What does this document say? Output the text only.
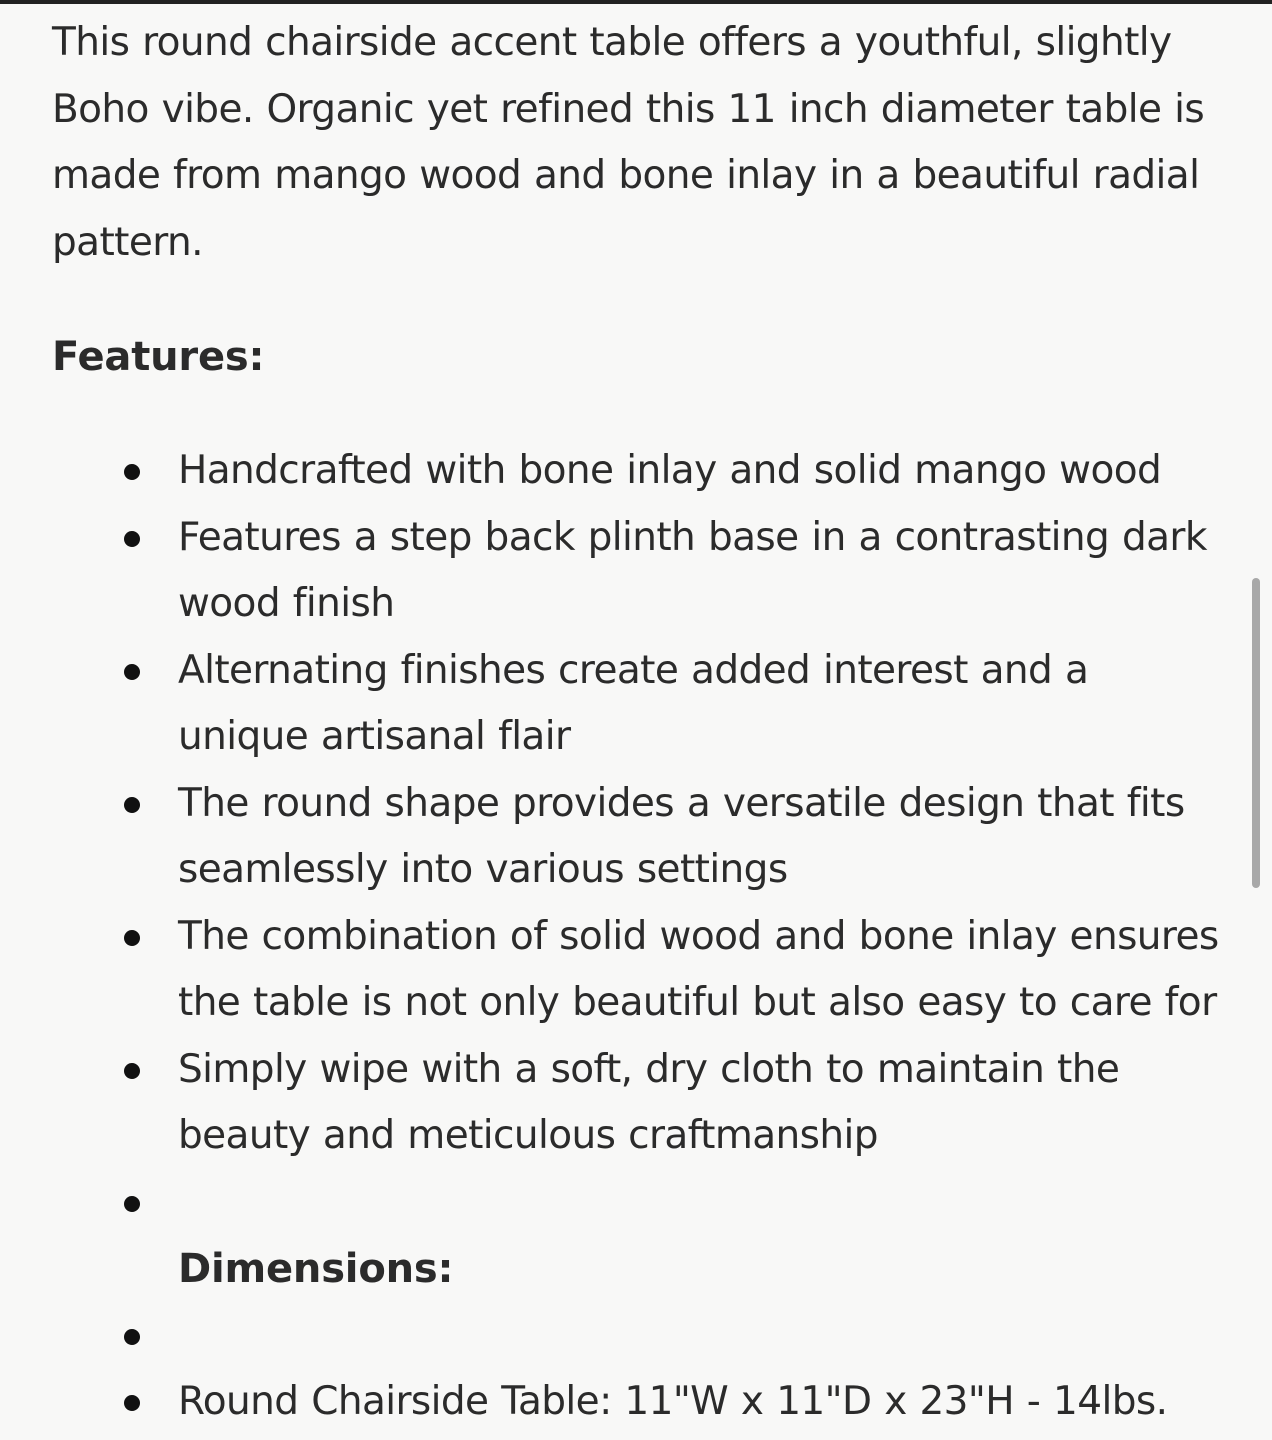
This round chairside accent table offers a youthful, slightly Boho vibe. Organic yet refined this 11 inch diameter table is made from mango wood and bone inlay in a beautiful radial pattern.

Features:
Handcrafted with bone inlay and solid mango wood
Features a step back plinth base in a contrasting dark wood finish
Alternating finishes create added interest and a unique artisanal flair
The round shape provides a versatile design that fits seamlessly into various settings
The combination of solid wood and bone inlay ensures the table is not only beautiful but also easy to care for
Simply wipe with a soft, dry cloth to maintain the beauty and meticulous craftmanship
Dimensions:
Round Chairside Table: 11"W x 11"D x 23"H - 14lbs.
